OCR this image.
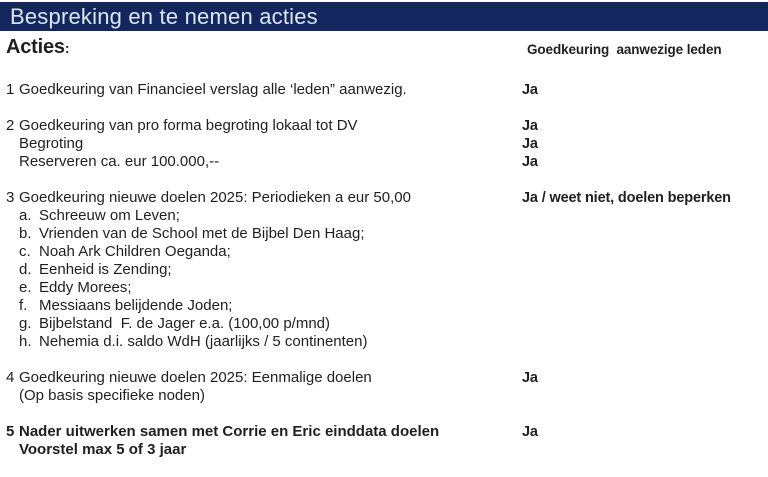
Bespreking en te nemen acties
Acties:	Goedkeuring  aanwezige leden
1 Goedkeuring van Financieel verslag alle ‘leden” aanwezig.	Ja
2 Goedkeuring van pro forma begroting lokaal tot DV
Begroting
Reserveren ca. eur 100.000,--
Ja
Ja
Ja
3 Goedkeuring nieuwe doelen 2025: Periodieken a eur 50,00
a. Schreeuw om Leven;
b. Vrienden van de School met de Bijbel Den Haag;
c. Noah Ark Children Oeganda;
d. Eenheid is Zending;
e. Eddy Morees;
f. Messiaans belijdende Joden;
g. Bijbelstand  F. de Jager e.a. (100,00 p/mnd)
h. Nehemia d.i. saldo WdH (jaarlijks / 5 continenten)
Ja / weet niet, doelen beperken
4 Goedkeuring nieuwe doelen 2025: Eenmalige doelen
(Op basis specifieke noden)
Ja
5 Nader uitwerken samen met Corrie en Eric einddata doelen
Voorstel max 5 of 3 jaar
Ja
